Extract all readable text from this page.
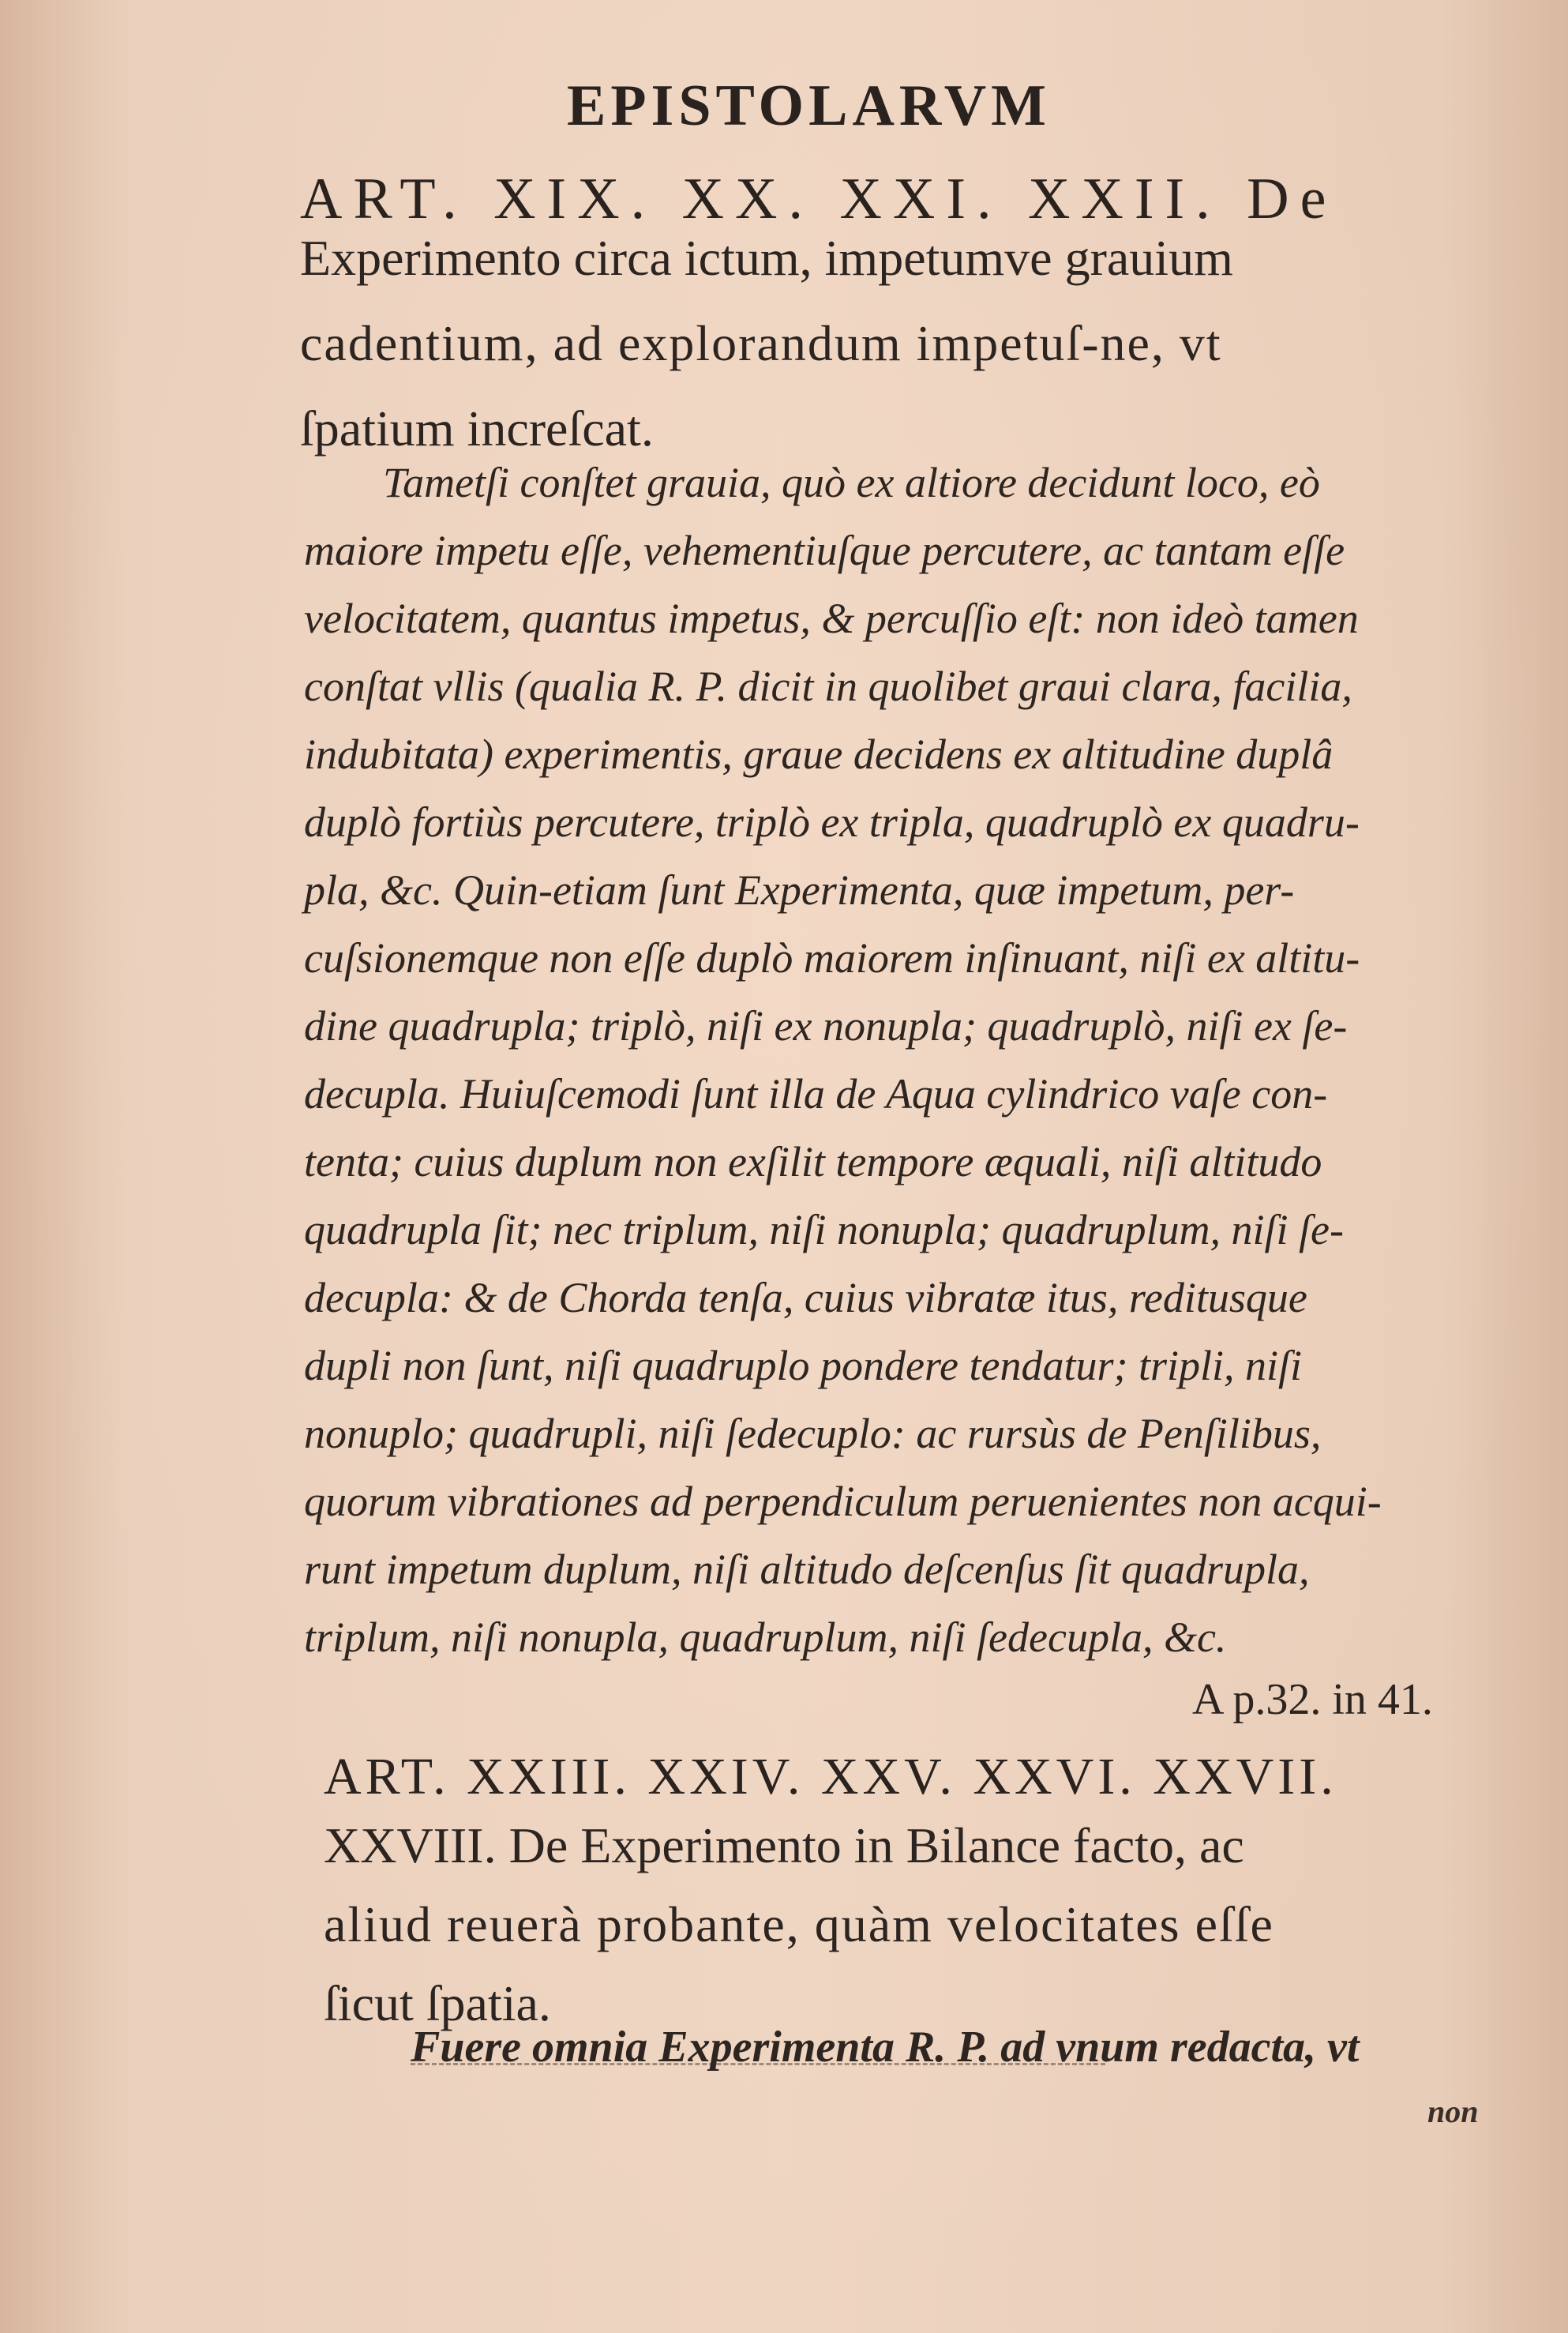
EPISTOLARVM
ART. XIX. XX. XXI. XXII. De
Experimento circa ictum, impetumve grauium
cadentium, ad explorandum impetuſ-ne, vt
ſpatium increſcat.
Tametſi conſtet grauia, quò ex altiore decidunt loco, eò
maiore impetu eſſe, vehementiuſque percutere, ac tantam eſſe
velocitatem, quantus impetus, & percuſſio eſt: non ideò tamen
conſtat vllis (qualia R. P. dicit in quolibet graui clara, facilia,
indubitata) experimentis, graue decidens ex altitudine duplâ
duplò fortiùs percutere, triplò ex tripla, quadruplò ex quadru-
pla, &c. Quin-etiam ſunt Experimenta, quæ impetum, per-
cuſsionemque non eſſe duplò maiorem inſinuant, niſi ex altitu-
dine quadrupla; triplò, niſi ex nonupla; quadruplò, niſi ex ſe-
decupla. Huiuſcemodi ſunt illa de Aqua cylindrico vaſe con-
tenta; cuius duplum non exſilit tempore æquali, niſi altitudo
quadrupla ſit; nec triplum, niſi nonupla; quadruplum, niſi ſe-
decupla: & de Chorda tenſa, cuius vibratæ itus, reditusque
dupli non ſunt, niſi quadruplo pondere tendatur; tripli, niſi
nonuplo; quadrupli, niſi ſedecuplo: ac rursùs de Penſilibus,
quorum vibrationes ad perpendiculum peruenientes non acqui-
runt impetum duplum, niſi altitudo deſcenſus ſit quadrupla,
triplum, niſi nonupla, quadruplum, niſi ſedecupla, &c.
A p.32. in 41.
ART. XXIII. XXIV. XXV. XXVI. XXVII.
XXVIII. De Experimento in Bilance facto, ac
aliud reuerà probante, quàm velocitates eſſe
ſicut ſpatia.
Fuere omnia Experimenta R. P. ad vnum redacta, vt
non
